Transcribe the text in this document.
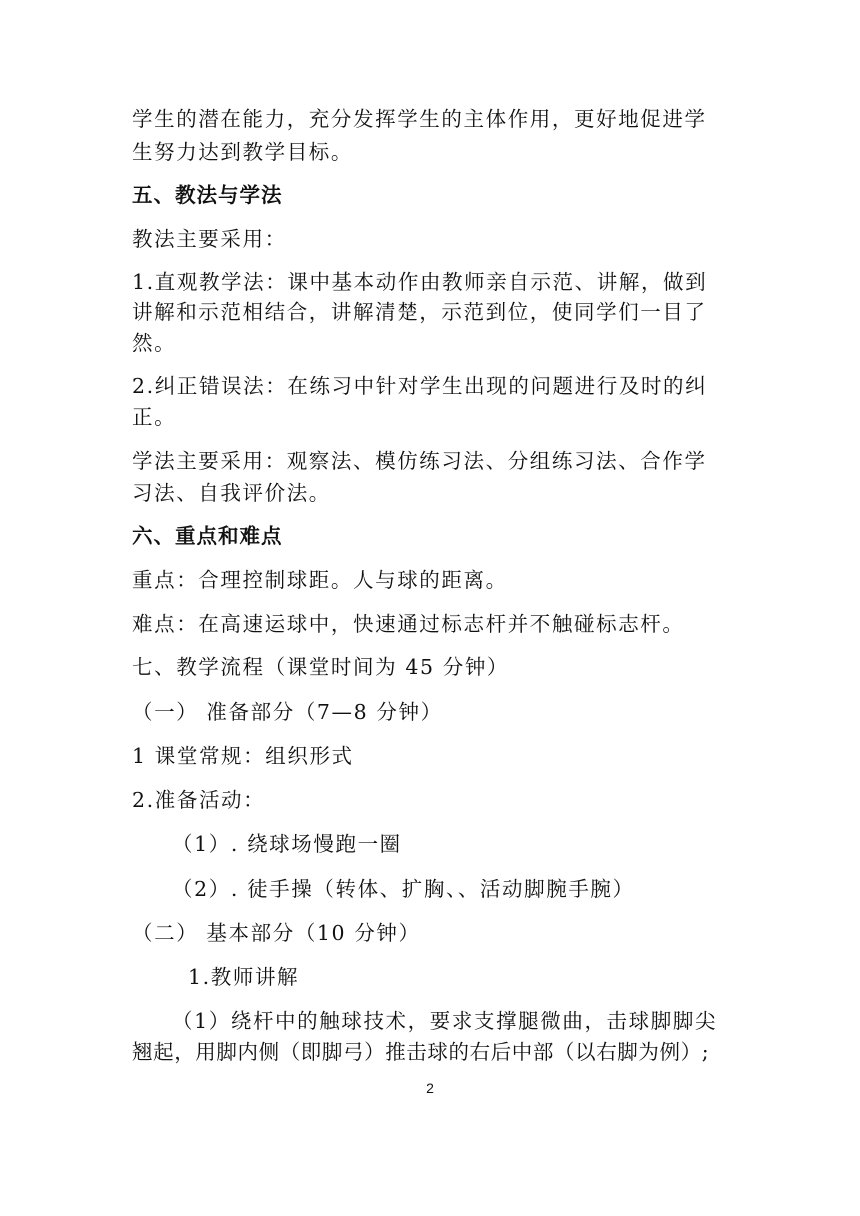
学生的潜在能力，充分发挥学生的主体作用，更好地促进学
生努力达到教学目标。
五、教法与学法
教法主要采用：
1.直观教学法：课中基本动作由教师亲自示范、讲解，做到
讲解和示范相结合，讲解清楚，示范到位，使同学们一目了
然。
2.纠正错误法：在练习中针对学生出现的问题进行及时的纠
正。
学法主要采用：观察法、模仿练习法、分组练习法、合作学
习法、自我评价法。
六、重点和难点
重点：合理控制球距。人与球的距离。
难点：在高速运球中，快速通过标志杆并不触碰标志杆。
七、教学流程（课堂时间为 45 分钟）
（一） 准备部分（7—8 分钟）
1 课堂常规：组织形式
2.准备活动：
（1）. 绕球场慢跑一圈
（2）. 徒手操（转体、扩胸、、活动脚腕手腕）
（二） 基本部分（10 分钟）
1.教师讲解
（1）绕杆中的触球技术，要求支撑腿微曲，击球脚脚尖
翘起，用脚内侧（即脚弓）推击球的右后中部（以右脚为例）;
2
